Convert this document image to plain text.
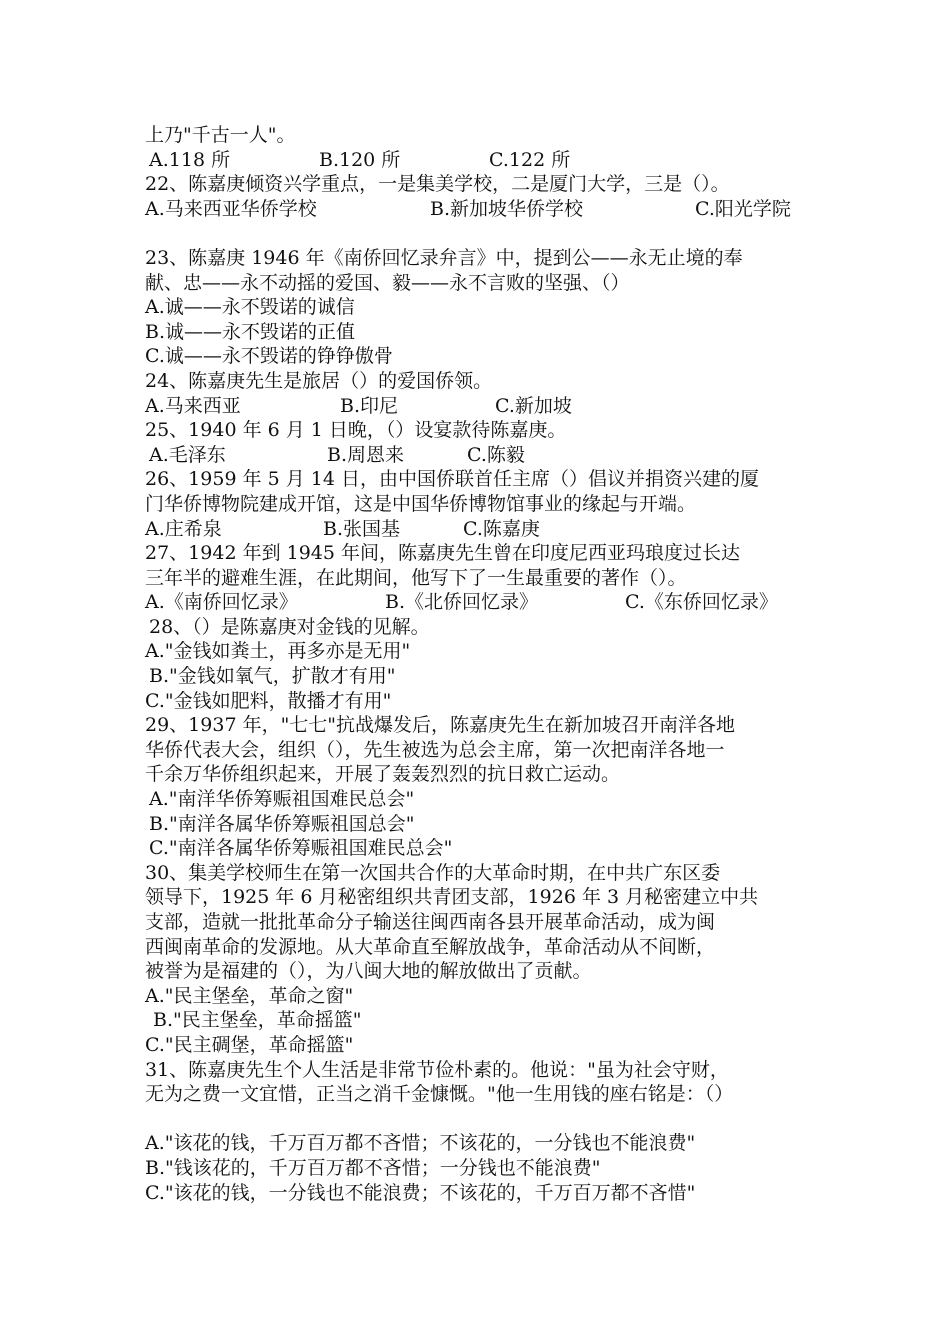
上乃"千古一人"。
A.118 所	B.120 所	C.122 所
22、陈嘉庚倾资兴学重点，一是集美学校，二是厦门大学，三是（）。
A.马来西亚华侨学校	B.新加坡华侨学校	C.阳光学院
23、陈嘉庚 1946 年《南侨回忆录弁言》中，提到公——永无止境的奉
献、忠——永不动摇的爱国、毅——永不言败的坚强、（）
A.诚——永不毁诺的诚信
B.诚——永不毁诺的正值
C.诚——永不毁诺的铮铮傲骨
24、陈嘉庚先生是旅居（）的爱国侨领。
A.马来西亚	B.印尼	C.新加坡
25、1940 年 6 月 1 日晚，（）设宴款待陈嘉庚。
A.毛泽东	B.周恩来	C.陈毅
26、1959 年 5 月 14 日，由中国侨联首任主席（）倡议并捐资兴建的厦
门华侨博物院建成开馆，这是中国华侨博物馆事业的缘起与开端。
A.庄希泉	B.张国基	C.陈嘉庚
27、1942 年到 1945 年间，陈嘉庚先生曾在印度尼西亚玛琅度过长达
三年半的避难生涯，在此期间，他写下了一生最重要的著作（）。
A.《南侨回忆录》	B.《北侨回忆录》	C.《东侨回忆录》
28、（）是陈嘉庚对金钱的见解。
A."金钱如粪土，再多亦是无用"
B."金钱如氧气，扩散才有用"
C."金钱如肥料，散播才有用"
29、1937 年，"七七"抗战爆发后，陈嘉庚先生在新加坡召开南洋各地
华侨代表大会，组织（），先生被选为总会主席，第一次把南洋各地一
千余万华侨组织起来，开展了轰轰烈烈的抗日救亡运动。
A."南洋华侨筹赈祖国难民总会"
B."南洋各属华侨筹赈祖国总会"
C."南洋各属华侨筹赈祖国难民总会"
30、集美学校师生在第一次国共合作的大革命时期，在中共广东区委
领导下，1925 年 6 月秘密组织共青团支部，1926 年 3 月秘密建立中共
支部，造就一批批革命分子输送往闽西南各县开展革命活动，成为闽
西闽南革命的发源地。从大革命直至解放战争，革命活动从不间断，
被誉为是福建的（），为八闽大地的解放做出了贡献。
A."民主堡垒，革命之窗"
B."民主堡垒，革命摇篮"
C."民主碉堡，革命摇篮"
31、陈嘉庚先生个人生活是非常节俭朴素的。他说："虽为社会守财，
无为之费一文宜惜，正当之消千金慷慨。"他一生用钱的座右铭是：（）
A."该花的钱，千万百万都不吝惜；不该花的，一分钱也不能浪费"
B."钱该花的，千万百万都不吝惜；一分钱也不能浪费"
C."该花的钱，一分钱也不能浪费；不该花的，千万百万都不吝惜"
